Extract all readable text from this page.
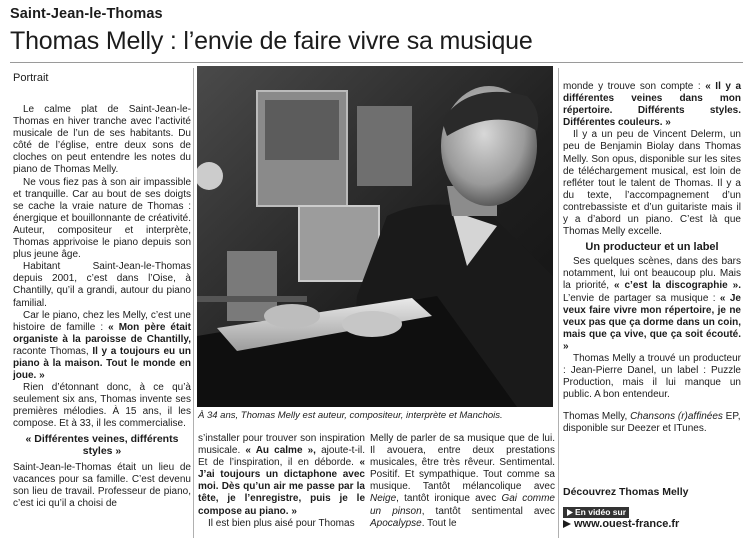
Saint-Jean-le-Thomas
Thomas Melly : l’envie de faire vivre sa musique
Portrait

Le calme plat de Saint-Jean-le-Thomas en hiver tranche avec l’activité musicale de l’un de ses habitants. Du côté de l’église, entre deux sons de cloches on peut entendre les notes du piano de Thomas Melly.

Ne vous fiez pas à son air impassible et tranquille. Car au bout de ses doigts se cache la vraie nature de Thomas : énergique et bouillonnante de créativité. Auteur, compositeur et interprète, Thomas apprivoise le piano depuis son plus jeune âge.

Habitant Saint-Jean-le-Thomas depuis 2001, c’est dans l’Oise, à Chantilly, qu’il a grandi, autour du piano familial.

Car le piano, chez les Melly, c’est une histoire de famille : « Mon père était organiste à la paroisse de Chantilly, raconte Thomas, Il y a toujours eu un piano à la maison. Tout le monde en joue. »

Rien d’étonnant donc, à ce qu’à seulement six ans, Thomas invente ses premières mélodies. À 15 ans, il les compose. Et à 33, il les commercialise.

« Différentes veines, différents styles »

Saint-Jean-le-Thomas était un lieu de vacances pour sa famille. C’est devenu son lieu de travail. Professeur de piano, c’est ici qu’il a choisi de

À 34 ans, Thomas Melly est auteur, compositeur, interprète et Manchois.

s’installer pour trouver son inspiration musicale. « Au calme », ajoute-t-il. Et de l’inspiration, il en déborde. « J’ai toujours un dictaphone avec moi. Dès qu’un air me passe par la tête, je l’enregistre, puis je le compose au piano. »

Il est bien plus aisé pour Thomas

Melly de parler de sa musique que de lui. Il avouera, entre deux prestations musicales, être très rêveur. Sentimental. Positif. Et sympathique. Tout comme sa musique. Tantôt mélancolique avec Neige, tantôt ironique avec Gai comme un pinson, tantôt sentimental avec Apocalypse. Tout le

monde y trouve son compte : « Il y a différentes veines dans mon répertoire. Différents styles. Différentes couleurs. »

Il y a un peu de Vincent Delerm, un peu de Benjamin Biolay dans Thomas Melly. Son opus, disponible sur les sites de téléchargement musical, est loin de refléter tout le talent de Thomas. Il y a du texte, l’accompagnement d’un contrebassiste et d’un guitariste mais il y a d’abord un piano. C’est là que Thomas Melly excelle.

Un producteur et un label

Ses quelques scènes, dans des bars notamment, lui ont beaucoup plu. Mais la priorité, « c’est la discographie ». L’envie de partager sa musique : « Je veux faire vivre mon répertoire, je ne veux pas que ça dorme dans un coin, mais que ça vive, que ça soit écouté. »

Thomas Melly a trouvé un producteur : Jean-Pierre Danel, un label : Puzzle Production, mais il lui manque un public. A bon entendeur.

Thomas Melly, Chansons (r)affinées EP, disponible sur Deezer et ITunes.
Découvrez Thomas Melly
En vidéo sur
www.ouest-france.fr
